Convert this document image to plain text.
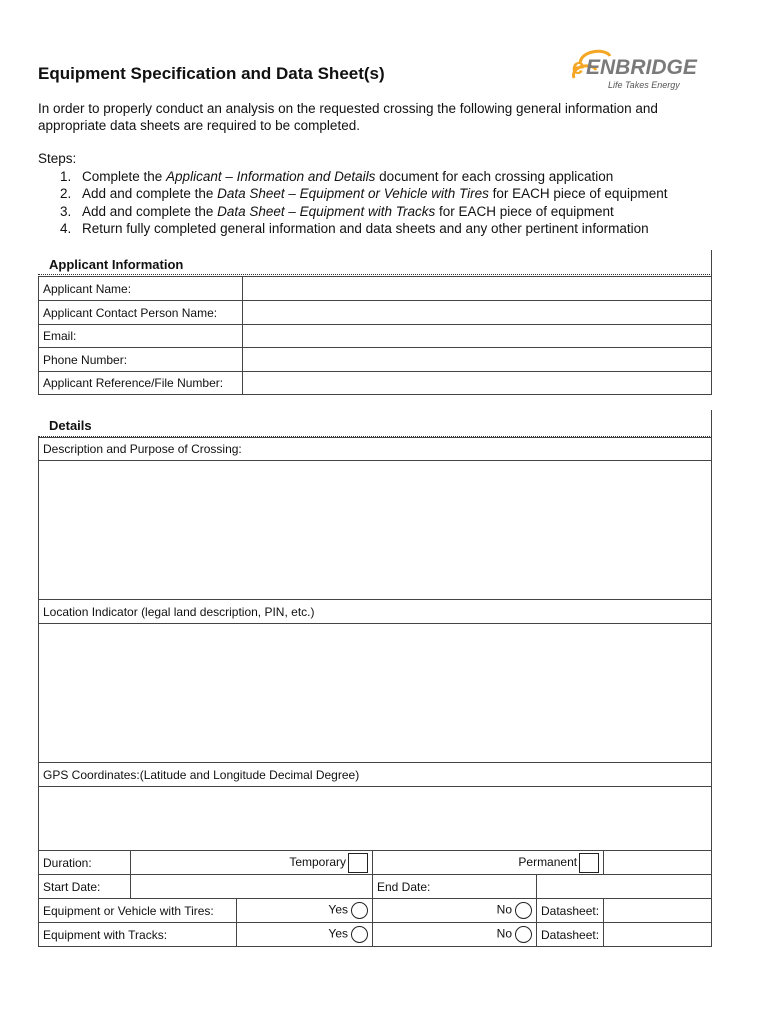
Equipment Specification and Data Sheet(s)	e ENBRIDGE
Life Takes Energy

In order to properly conduct an analysis on the requested crossing the following general information and appropriate data sheets are required to be completed.

Steps:
1. Complete the Applicant – Information and Details document for each crossing application
2. Add and complete the Data Sheet – Equipment or Vehicle with Tires for EACH piece of equipment
3. Add and complete the Data Sheet – Equipment with Tracks for EACH piece of equipment
4. Return fully completed general information and data sheets and any other pertinent information
Applicant Information
Applicant Name:	
Applicant Contact Person Name:	
Email:	
Phone Number:	
Applicant Reference/File Number:	
Details
Description and Purpose of Crossing:					

Location Indicator (legal land description, PIN, etc.)					

GPS Coordinates:(Latitude and Longitude Decimal Degree)					

Duration:	Temporary		Permanent		
Start Date:			End Date:		
Equipment or Vehicle with Tires:		Yes	No	Datasheet:	
Equipment with Tracks:		Yes	No	Datasheet:	
